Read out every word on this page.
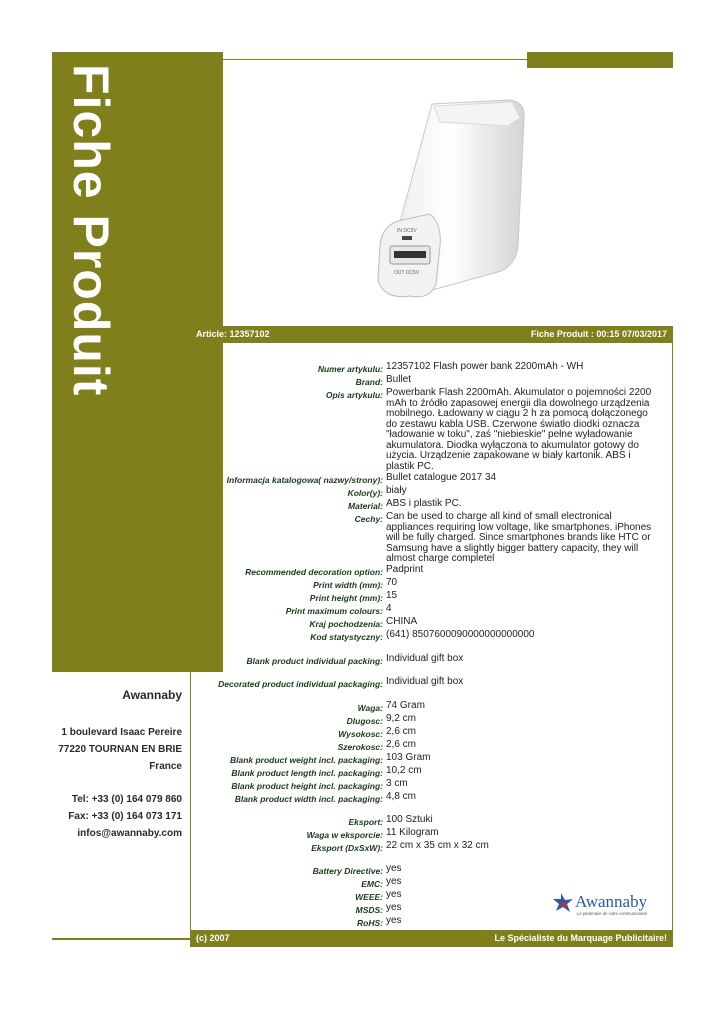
Fiche Produit	IN DC5V
OUT DC5V
Article: 12357102	Fiche Produit : 00:15 07/03/2017
Numer artykulu: 12357102 Flash power bank 2200mAh - WH
Brand: Bullet
Opis artykulu: Powerbank Flash 2200mAh. Akumulator o pojemności 2200 mAh to źródło zapasowej energii dla dowolnego urządzenia mobilnego. Ładowany w ciągu 2 h za pomocą dołączonego do zestawu kabla USB. Czerwone światło diodki oznacza "ładowanie w toku", zaś "niebieskie" pełne wyładowanie akumulatora. Diodka wyłączona to akumulator gotowy do użycia. Urządzenie zapakowane w biały kartonik. ABS i plastik PC.
Informacja katalogowa( nazwy/strony): Bullet catalogue 2017 34
Kolor(y): biały
Material: ABS i plastik PC.
Cechy: Can be used to charge all kind of small electronical appliances requiring low voltage, like smartphones. iPhones will be fully charged. Since smartphones brands like HTC or Samsung have a slightly bigger battery capacity, they will almost charge completel
Recommended decoration option: Padprint
Print width (mm): 70
Print height (mm): 15
Print maximum colours: 4
Kraj pochodzenia: CHINA
Kod statystyczny: (641) 8507600090000000000000
Blank product individual packing: Individual gift box
Decorated product individual packaging: Individual gift box
Waga: 74 Gram
Dlugosc: 9,2 cm
Wysokosc: 2,6 cm
Szerokosc: 2,6 cm
Blank product weight incl. packaging: 103 Gram
Blank product length incl. packaging: 10,2 cm
Blank product height incl. packaging: 3 cm
Blank product width incl. packaging: 4,8 cm
Eksport: 100 Sztuki
Waga w eksporcie: 11 Kilogram
Eksport (DxSxW): 22 cm x 35 cm x 32 cm
Battery Directive: yes
EMC: yes
WEEE: yes
MSDS: yes
RoHS: yes
Awannaby
1 boulevard Isaac Pereire
77220 TOURNAN EN BRIE
France
Tel: +33 (0) 164 079 860
Fax: +33 (0) 164 073 171
infos@awannaby.com
Awannaby
Le partenaire de votre communication
(c) 2007	Le Spécialiste du Marquage Publicitaire!
